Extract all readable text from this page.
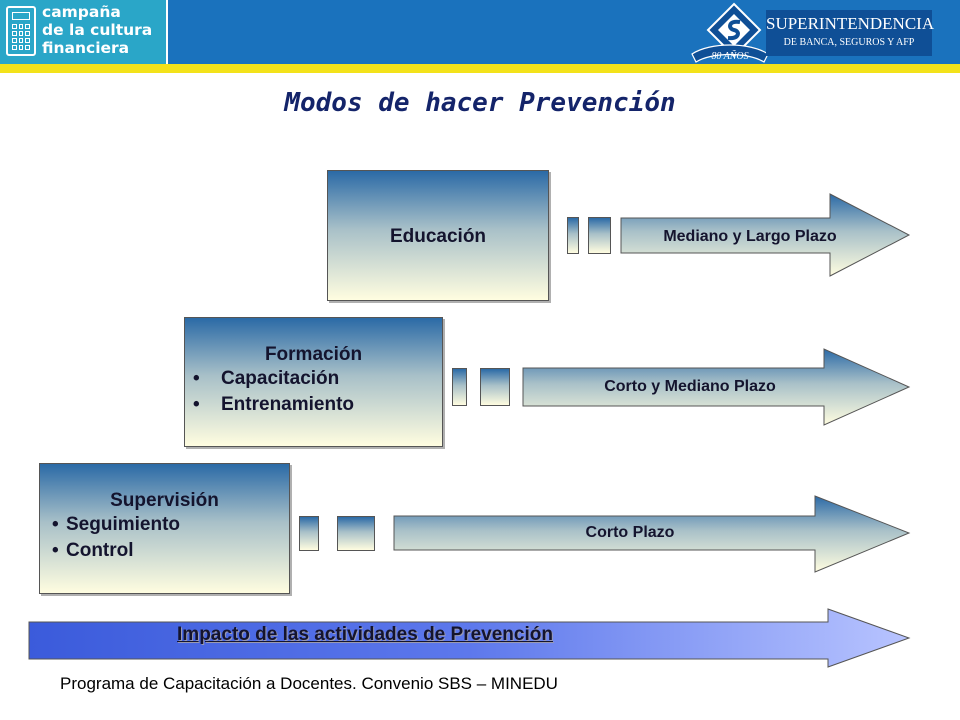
campaña
de la cultura
financiera	80 AÑOS
SUPERINTENDENCIA
DE BANCA, SEGUROS Y AFP
Modos de hacer Prevención
Educación	Mediano y Largo Plazo
Formación
• Capacitación
• Entrenamiento
Corto y Mediano Plazo
Supervisión
• Seguimiento
• Control
Corto Plazo
Impacto de las actividades de Prevención
Programa de Capacitación a Docentes. Convenio SBS – MINEDU
